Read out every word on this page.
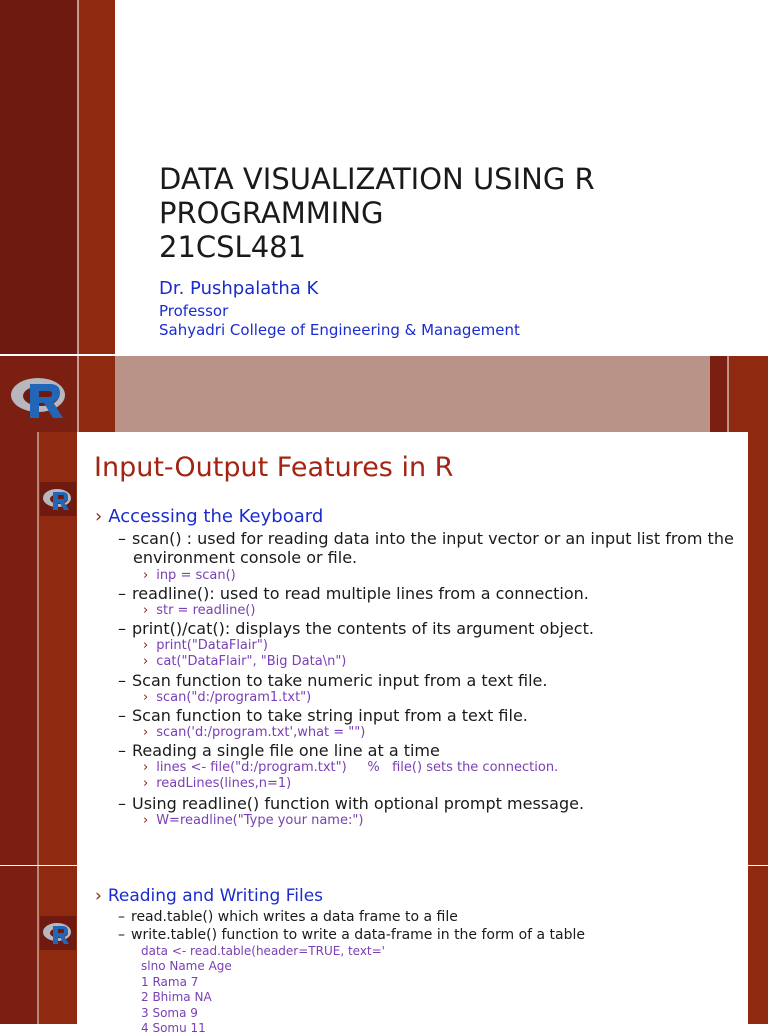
DATA VISUALIZATION USING R
PROGRAMMING
21CSL481
Dr. Pushpalatha K
Professor
Sahyadri College of Engineering & Management
Input-Output Features in R
› Accessing the Keyboard
– scan() : used for reading data into the input vector or an input list from the
environment console or file.
› inp = scan()
– readline(): used to read multiple lines from a connection.
› str = readline()
– print()/cat(): displays the contents of its argument object.
› print("DataFlair")
› cat("DataFlair", "Big Data\n")
– Scan function to take numeric input from a text file.
› scan("d:/program1.txt")
– Scan function to take string input from a text file.
› scan('d:/program.txt',what = "")
– Reading a single file one line at a time
› lines <- file("d:/program.txt")     %   file() sets the connection.
› readLines(lines,n=1)
– Using readline() function with optional prompt message.
› W=readline("Type your name:")
› Reading and Writing Files
– read.table() which writes a data frame to a file
– write.table() function to write a data-frame in the form of a table
data <- read.table(header=TRUE, text='
slno Name Age
1 Rama 7
2 Bhima NA
3 Soma 9
4 Somu 11
